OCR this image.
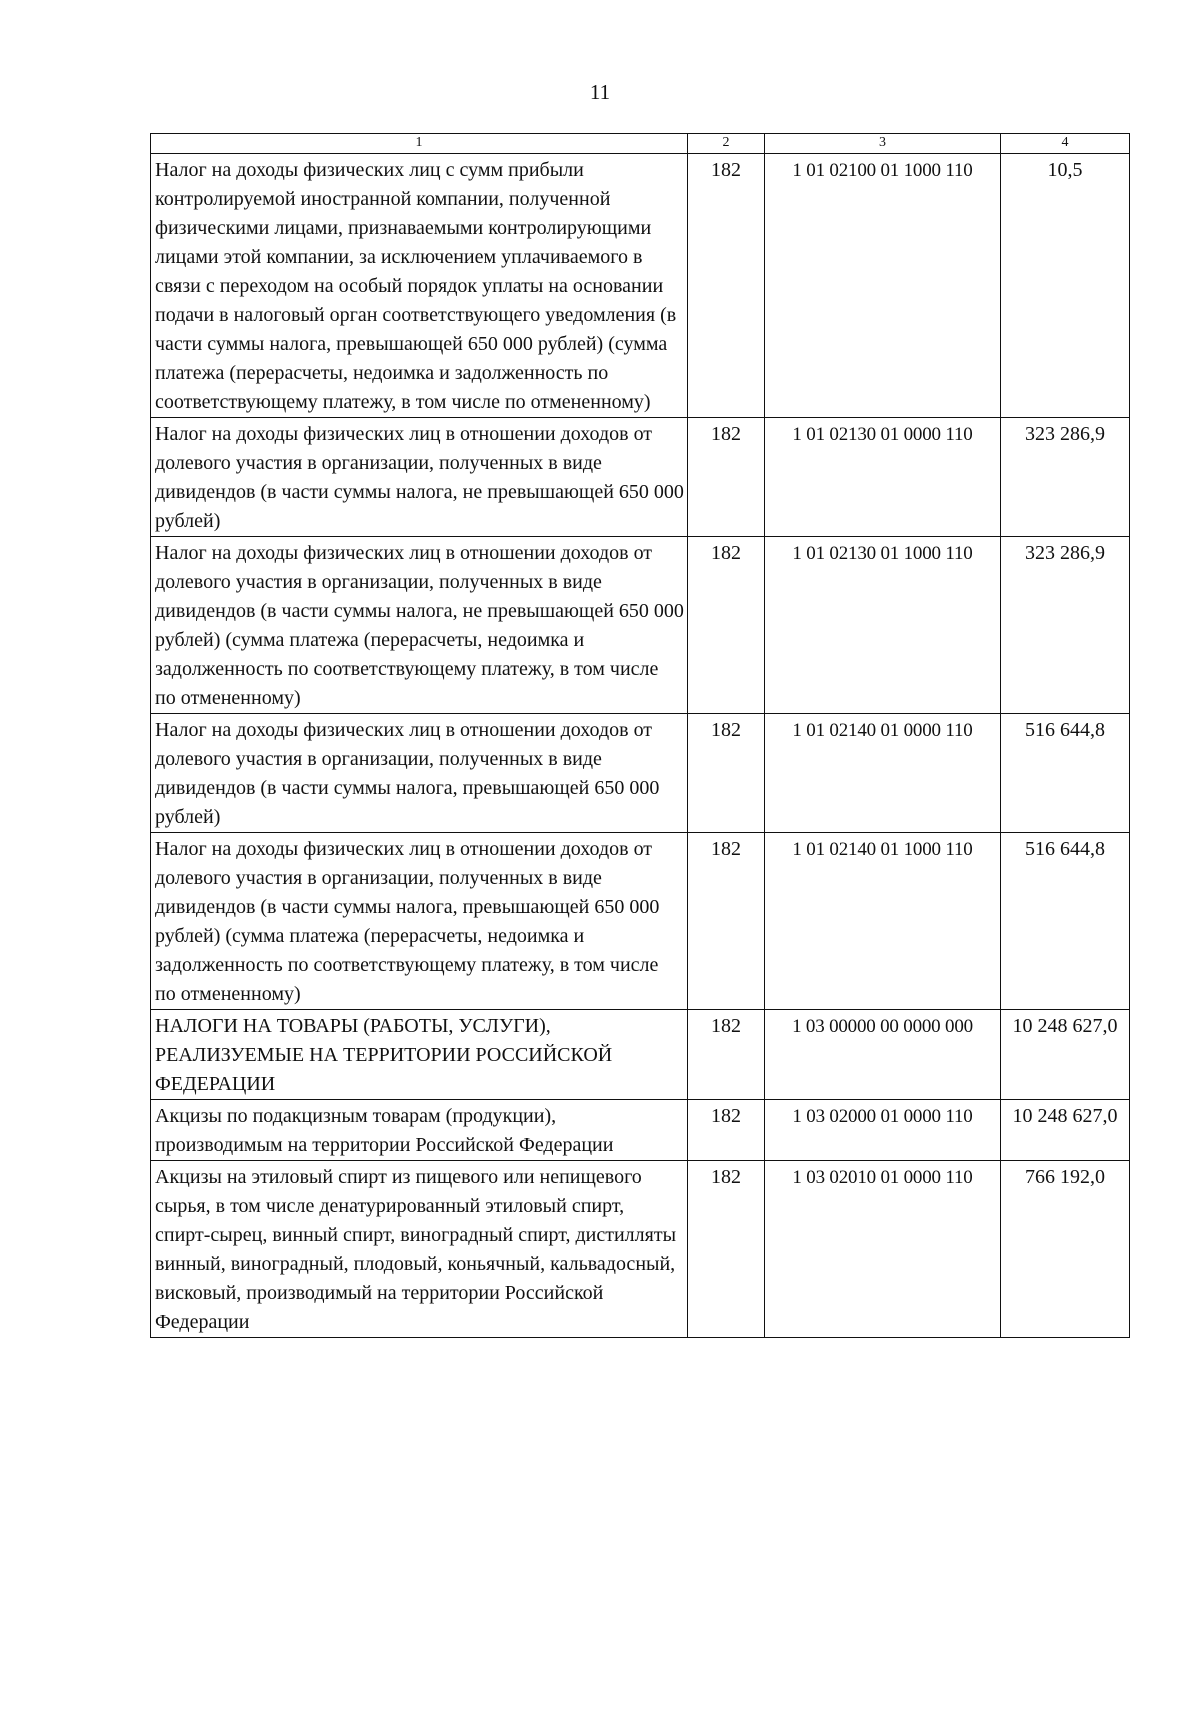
11
1	2	3	4
Налог на доходы физических лиц с сумм прибыли контролируемой иностранной компании, полученной физическими лицами, признаваемыми контролирующими лицами этой компании, за исключением уплачиваемого в связи с переходом на особый порядок уплаты на основании подачи в налоговый орган соответствующего уведомления (в части суммы налога, превышающей 650 000 рублей) (сумма платежа (перерасчеты, недоимка и задолженность по соответствующему платежу, в том числе по отмененному)	182	1 01 02100 01 1000 110	10,5
Налог на доходы физических лиц в отношении доходов от долевого участия в организации, полученных в виде дивидендов (в части суммы налога, не превышающей 650 000 рублей)	182	1 01 02130 01 0000 110	323 286,9
Налог на доходы физических лиц в отношении доходов от долевого участия в организации, полученных в виде дивидендов (в части суммы налога, не превышающей 650 000 рублей) (сумма платежа (перерасчеты, недоимка и задолженность по соответствующему платежу, в том числе по отмененному)	182	1 01 02130 01 1000 110	323 286,9
Налог на доходы физических лиц в отношении доходов от долевого участия в организации, полученных в виде дивидендов (в части суммы налога, превышающей 650 000 рублей)	182	1 01 02140 01 0000 110	516 644,8
Налог на доходы физических лиц в отношении доходов от долевого участия в организации, полученных в виде дивидендов (в части суммы налога, превышающей 650 000 рублей) (сумма платежа (перерасчеты, недоимка и задолженность по соответствующему платежу, в том числе по отмененному)	182	1 01 02140 01 1000 110	516 644,8
НАЛОГИ НА ТОВАРЫ (РАБОТЫ, УСЛУГИ), РЕАЛИЗУЕМЫЕ НА ТЕРРИТОРИИ РОССИЙСКОЙ ФЕДЕРАЦИИ	182	1 03 00000 00 0000 000	10 248 627,0
Акцизы по подакцизным товарам (продукции), производимым на территории Российской Федерации	182	1 03 02000 01 0000 110	10 248 627,0
Акцизы на этиловый спирт из пищевого или непищевого сырья, в том числе денатурированный этиловый спирт, спирт-сырец, винный спирт, виноградный спирт, дистилляты винный, виноградный, плодовый, коньячный, кальвадосный, висковый, производимый на территории Российской Федерации	182	1 03 02010 01 0000 110	766 192,0
